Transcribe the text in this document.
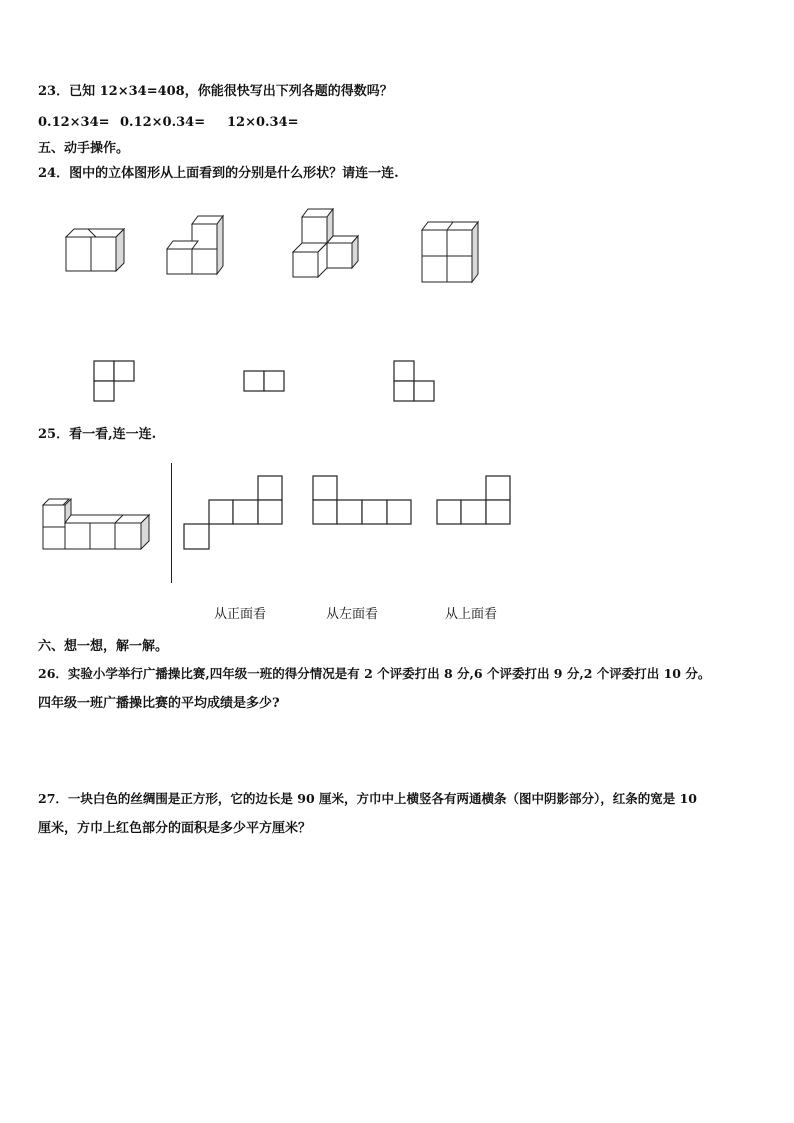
23．已知 12×34=408，你能很快写出下列各题的得数吗？
0.12×34= 0.12×0.34= 12×0.34=
五、动手操作。
24．图中的立体图形从上面看到的分别是什么形状？请连一连.
25．看一看,连一连.
从正面看	从左面看	从上面看
六、想一想，解一解。
26．实验小学举行广播操比赛,四年级一班的得分情况是有 2 个评委打出 8 分,6 个评委打出 9 分,2 个评委打出 10 分。
四年级一班广播操比赛的平均成绩是多少?
27．一块白色的丝绸围是正方形，它的边长是 90 厘米，方巾中上横竖各有两通横条（图中阴影部分），红条的宽是 10
厘米，方巾上红色部分的面积是多少平方厘米？
